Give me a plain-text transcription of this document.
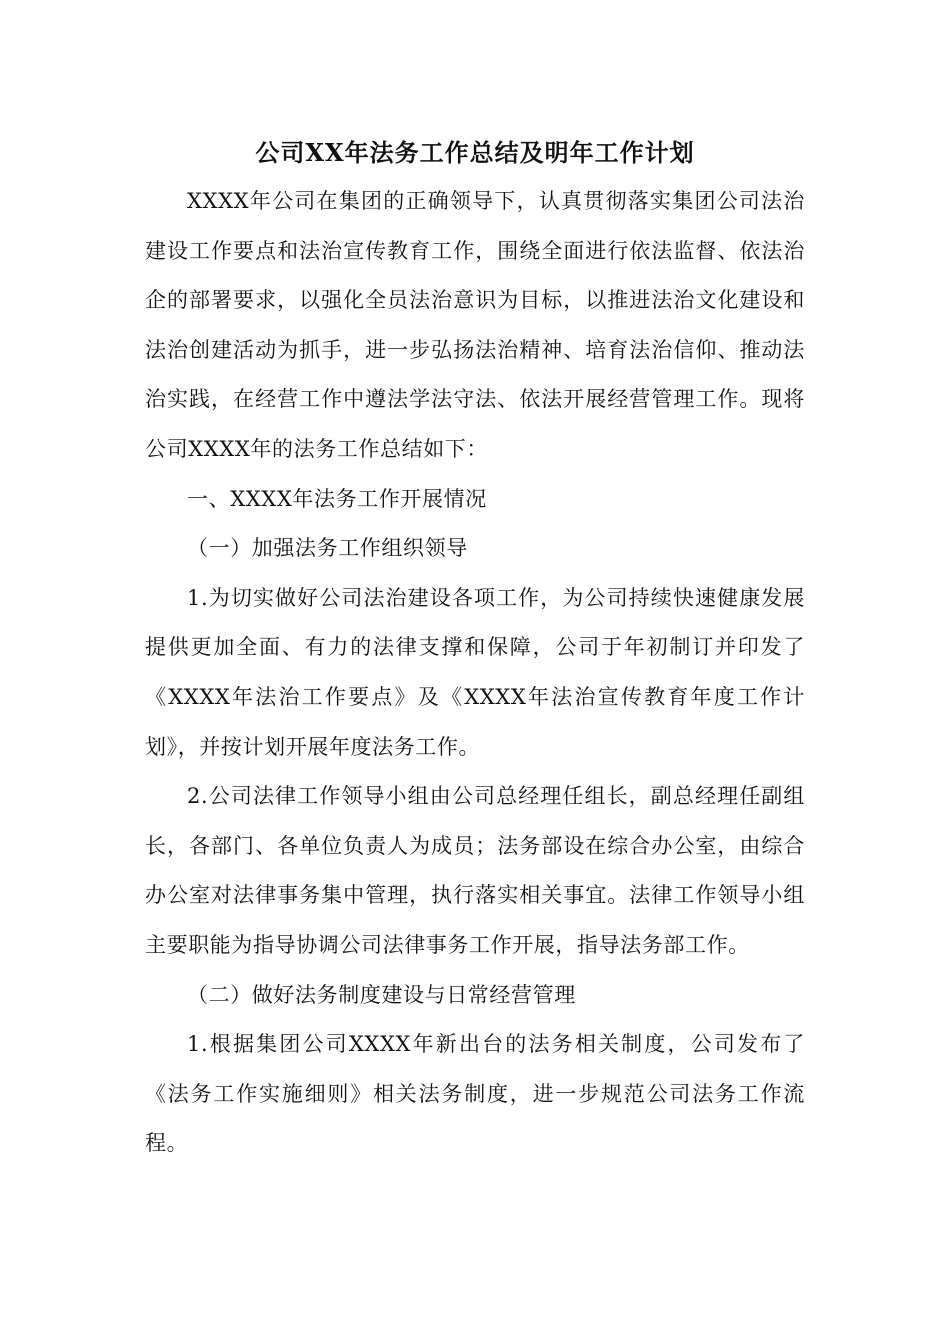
公司XX年法务工作总结及明年工作计划

XXXX年公司在集团的正确领导下，认真贯彻落实集团公司法治建设工作要点和法治宣传教育工作，围绕全面进行依法监督、依法治企的部署要求，以强化全员法治意识为目标，以推进法治文化建设和法治创建活动为抓手，进一步弘扬法治精神、培育法治信仰、推动法治实践，在经营工作中遵法学法守法、依法开展经营管理工作。现将公司XXXX年的法务工作总结如下：

一、XXXX年法务工作开展情况

（一）加强法务工作组织领导

1.为切实做好公司法治建设各项工作，为公司持续快速健康发展提供更加全面、有力的法律支撑和保障，公司于年初制订并印发了《XXXX年法治工作要点》及《XXXX年法治宣传教育年度工作计划》，并按计划开展年度法务工作。

2.公司法律工作领导小组由公司总经理任组长，副总经理任副组长，各部门、各单位负责人为成员；法务部设在综合办公室，由综合办公室对法律事务集中管理，执行落实相关事宜。法律工作领导小组主要职能为指导协调公司法律事务工作开展，指导法务部工作。

（二）做好法务制度建设与日常经营管理

1.根据集团公司XXXX年新出台的法务相关制度，公司发布了《法务工作实施细则》相关法务制度，进一步规范公司法务工作流程。
